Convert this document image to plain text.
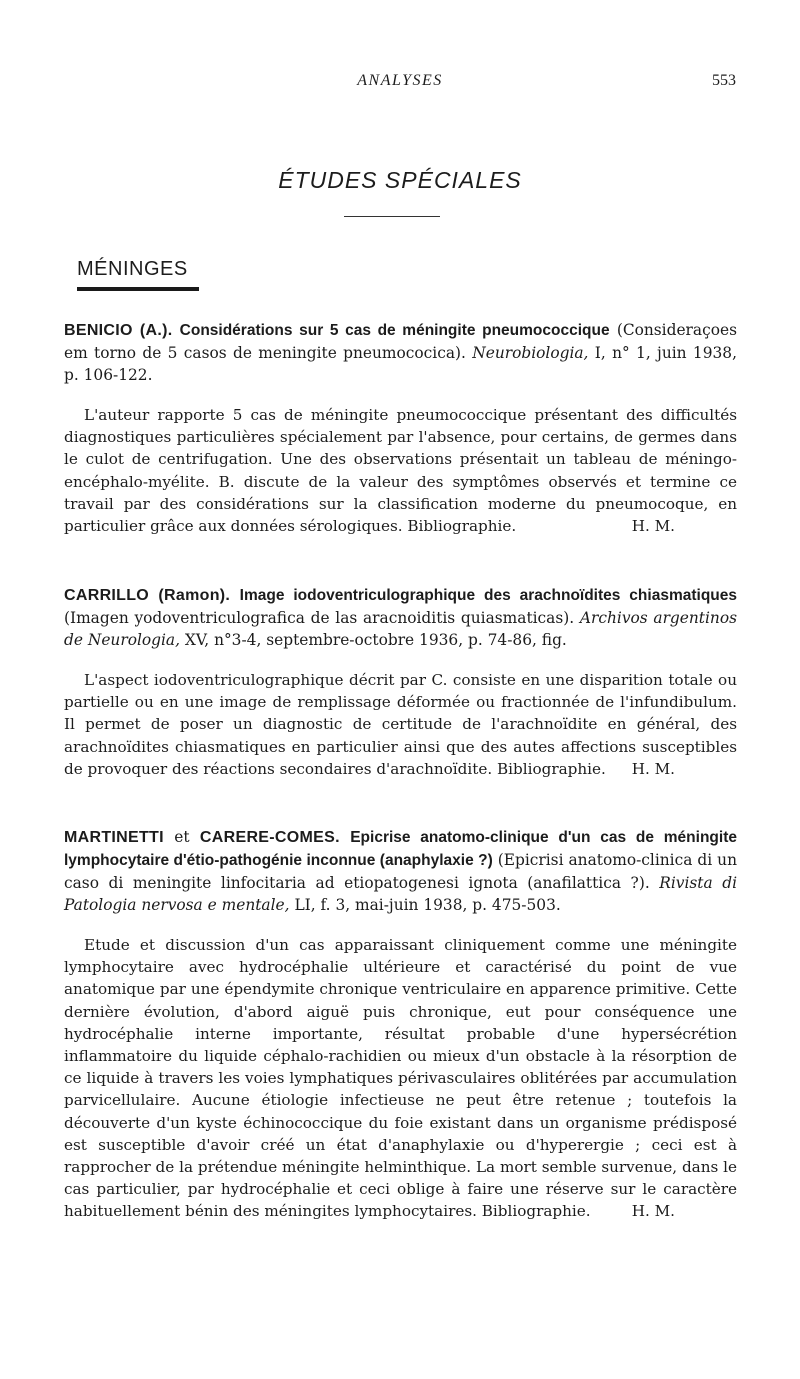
ANALYSES	553
ÉTUDES SPÉCIALES
MÉNINGES

BENICIO (A.). Considérations sur 5 cas de méningite pneumococcique (Consideraçoes em torno de 5 casos de meningite pneumococica). Neurobiologia, I, n° 1, juin 1938, p. 106-122.

L'auteur rapporte 5 cas de méningite pneumococcique présentant des difficultés diagnostiques particulières spécialement par l'absence, pour certains, de germes dans le culot de centrifugation. Une des observations présentait un tableau de méningo-encéphalo-myélite. B. discute de la valeur des symptômes observés et termine ce travail par des considérations sur la classification moderne du pneumocoque, en particulier grâce aux données sérologiques. Bibliographie.	H. M.

CARRILLO (Ramon). Image iodoventriculographique des arachnoïdites chiasmatiques (Imagen yodoventriculografica de las aracnoiditis quiasmaticas). Archivos argentinos de Neurologia, XV, n°3-4, septembre-octobre 1936, p. 74-86, fig.

L'aspect iodoventriculographique décrit par C. consiste en une disparition totale ou partielle ou en une image de remplissage déformée ou fractionnée de l'infundibulum. Il permet de poser un diagnostic de certitude de l'arachnoïdite en général, des arachnoïdites chiasmatiques en particulier ainsi que des autes affections susceptibles de provoquer des réactions secondaires d'arachnoïdite. Bibliographie.	H. M.

MARTINETTI et CARERE-COMES. Epicrise anatomo-clinique d'un cas de méningite lymphocytaire d'étio-pathogénie inconnue (anaphylaxie ?) (Epicrisi anatomo-clinica di un caso di meningite linfocitaria ad etiopatogenesi ignota (anafilattica ?). Rivista di Patologia nervosa e mentale, LI, f. 3, mai-juin 1938, p. 475-503.

Etude et discussion d'un cas apparaissant cliniquement comme une méningite lymphocytaire avec hydrocéphalie ultérieure et caractérisé du point de vue anatomique par une épendymite chronique ventriculaire en apparence primitive. Cette dernière évolution, d'abord aiguë puis chronique, eut pour conséquence une hydrocéphalie interne importante, résultat probable d'une hypersécrétion inflammatoire du liquide céphalo-rachidien ou mieux d'un obstacle à la résorption de ce liquide à travers les voies lymphatiques périvasculaires oblitérées par accumulation parvicellulaire. Aucune étiologie infectieuse ne peut être retenue ; toutefois la découverte d'un kyste échinococcique du foie existant dans un organisme prédisposé est susceptible d'avoir créé un état d'anaphylaxie ou d'hyperergie ; ceci est à rapprocher de la prétendue méningite helminthique. La mort semble survenue, dans le cas particulier, par hydrocéphalie et ceci oblige à faire une réserve sur le caractère habituellement bénin des méningites lymphocytaires. Bibliographie.	H. M.
